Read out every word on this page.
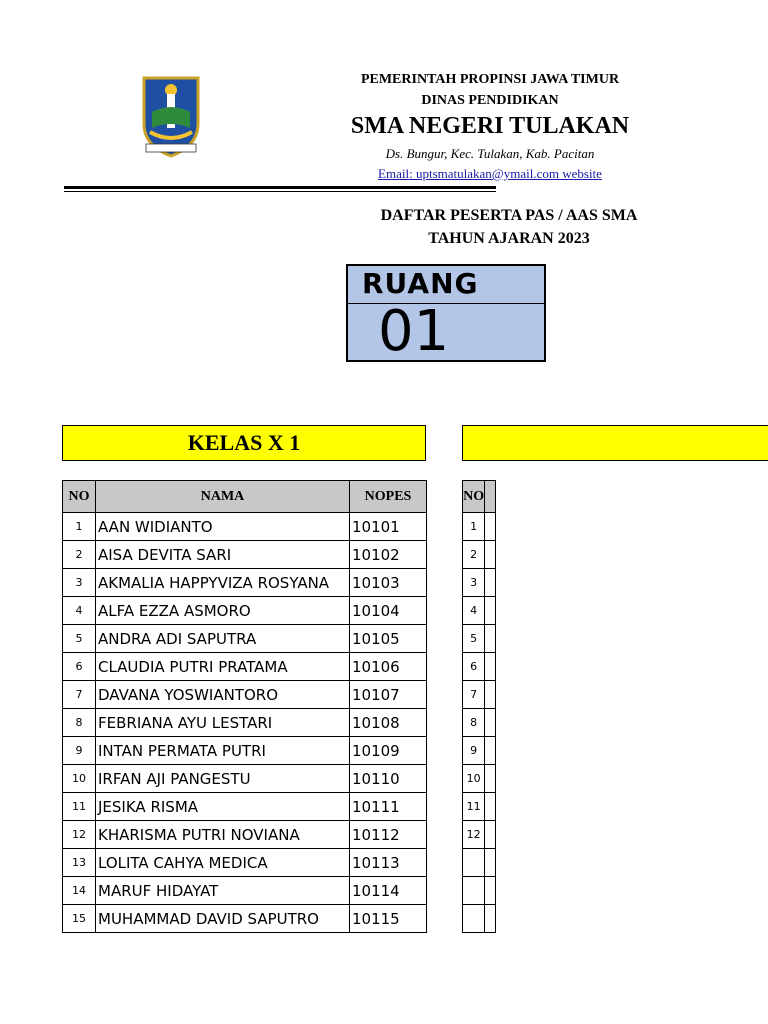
PEMERINTAH PROPINSI JAWA TIMUR
DINAS PENDIDIKAN
SMA NEGERI TULAKAN
Ds. Bungur, Kec. Tulakan, Kab. Pacitan
Email: uptsmatulakan@ymail.com website
DAFTAR PESERTA PAS / AAS SMA
TAHUN AJARAN 2023
RUANG
01
KELAS X 1
NO	NAMA	NOPES
1	AAN WIDIANTO	10101
2	AISA DEVITA SARI	10102
3	AKMALIA HAPPYVIZA ROSYANA	10103
4	ALFA EZZA ASMORO	10104
5	ANDRA ADI SAPUTRA	10105
6	CLAUDIA PUTRI PRATAMA	10106
7	DAVANA YOSWIANTORO	10107
8	FEBRIANA AYU LESTARI	10108
9	INTAN PERMATA PUTRI	10109
10	IRFAN AJI PANGESTU	10110
11	JESIKA RISMA	10111
12	KHARISMA PUTRI NOVIANA	10112
13	LOLITA CAHYA MEDICA	10113
14	MARUF HIDAYAT	10114
15	MUHAMMAD DAVID SAPUTRO	10115
NO	
1	
2	
3	
4	
5	
6	
7	
8	
9	
10	
11	
12	
